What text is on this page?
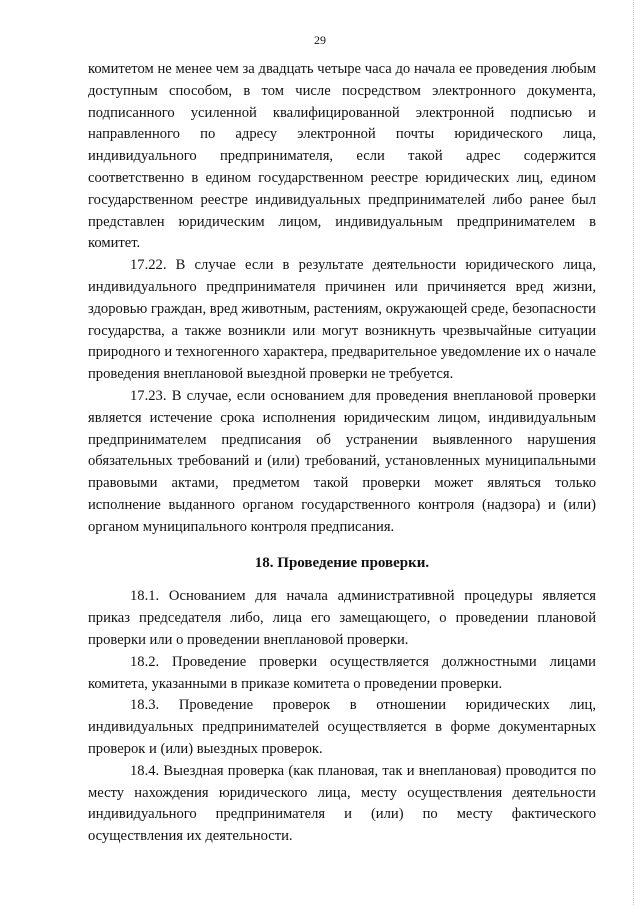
29

комитетом не менее чем за двадцать четыре часа до начала ее проведения любым доступным способом, в том числе посредством электронного документа, подписанного усиленной квалифицированной электронной подписью и направленного по адресу электронной почты юридического лица, индивидуального предпринимателя, если такой адрес содержится соответственно в едином государственном реестре юридических лиц, едином государственном реестре индивидуальных предпринимателей либо ранее был представлен юридическим лицом, индивидуальным предпринимателем в комитет.

17.22. В случае если в результате деятельности юридического лица, индивидуального предпринимателя причинен или причиняется вред жизни, здоровью граждан, вред животным, растениям, окружающей среде, безопасности государства, а также возникли или могут возникнуть чрезвычайные ситуации природного и техногенного характера, предварительное уведомление их о начале проведения внеплановой выездной проверки не требуется.

17.23. В случае, если основанием для проведения внеплановой проверки является истечение срока исполнения юридическим лицом, индивидуальным предпринимателем предписания об устранении выявленного нарушения обязательных требований и (или) требований, установленных муниципальными правовыми актами, предметом такой проверки может являться только исполнение выданного органом государственного контроля (надзора) и (или) органом муниципального контроля предписания.

18. Проведение проверки.

18.1. Основанием для начала административной процедуры является приказ председателя либо, лица его замещающего, о проведении плановой проверки или о проведении внеплановой проверки.

18.2. Проведение проверки осуществляется должностными лицами комитета, указанными в приказе комитета о проведении проверки.

18.3. Проведение проверок в отношении юридических лиц, индивидуальных предпринимателей осуществляется в форме документарных проверок и (или) выездных проверок.

18.4. Выездная проверка (как плановая, так и внеплановая) проводится по месту нахождения юридического лица, месту осуществления деятельности индивидуального предпринимателя и (или) по месту фактического осуществления их деятельности.
